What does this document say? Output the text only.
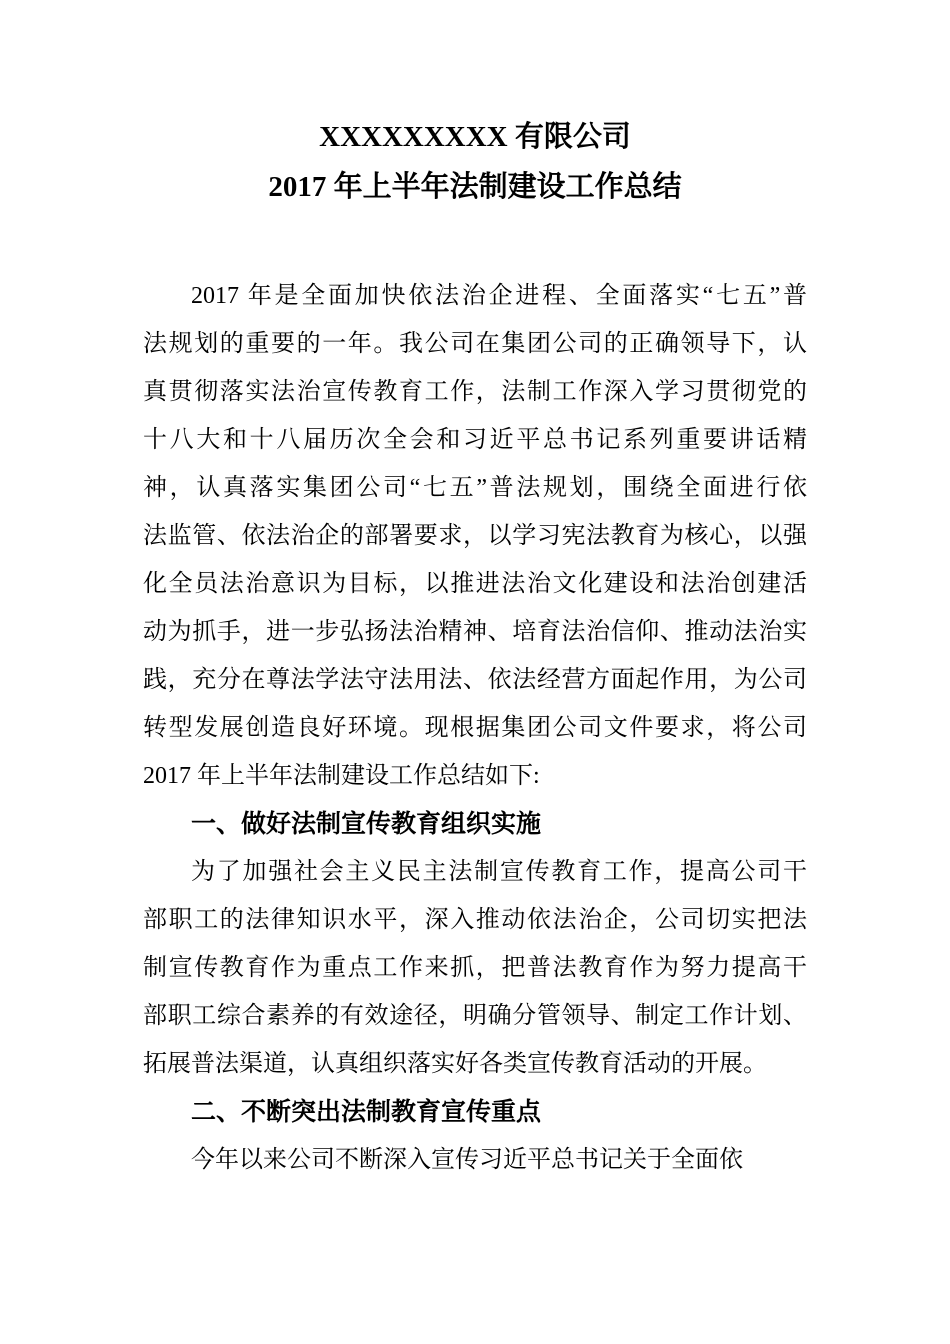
XXXXXXXXX 有限公司
2017 年上半年法制建设工作总结
2017 年是全面加快依法治企进程、全面落实“七五”普
法规划的重要的一年。我公司在集团公司的正确领导下，认
真贯彻落实法治宣传教育工作，法制工作深入学习贯彻党的
十八大和十八届历次全会和习近平总书记系列重要讲话精
神，认真落实集团公司“七五”普法规划，围绕全面进行依
法监管、依法治企的部署要求，以学习宪法教育为核心，以强
化全员法治意识为目标，以推进法治文化建设和法治创建活
动为抓手，进一步弘扬法治精神、培育法治信仰、推动法治实
践，充分在尊法学法守法用法、依法经营方面起作用，为公司
转型发展创造良好环境。现根据集团公司文件要求，将公司
2017 年上半年法制建设工作总结如下:
一、做好法制宣传教育组织实施
为了加强社会主义民主法制宣传教育工作，提高公司干
部职工的法律知识水平，深入推动依法治企，公司切实把法
制宣传教育作为重点工作来抓，把普法教育作为努力提高干
部职工综合素养的有效途径，明确分管领导、制定工作计划、
拓展普法渠道，认真组织落实好各类宣传教育活动的开展。
二、不断突出法制教育宣传重点
今年以来公司不断深入宣传习近平总书记关于全面依
